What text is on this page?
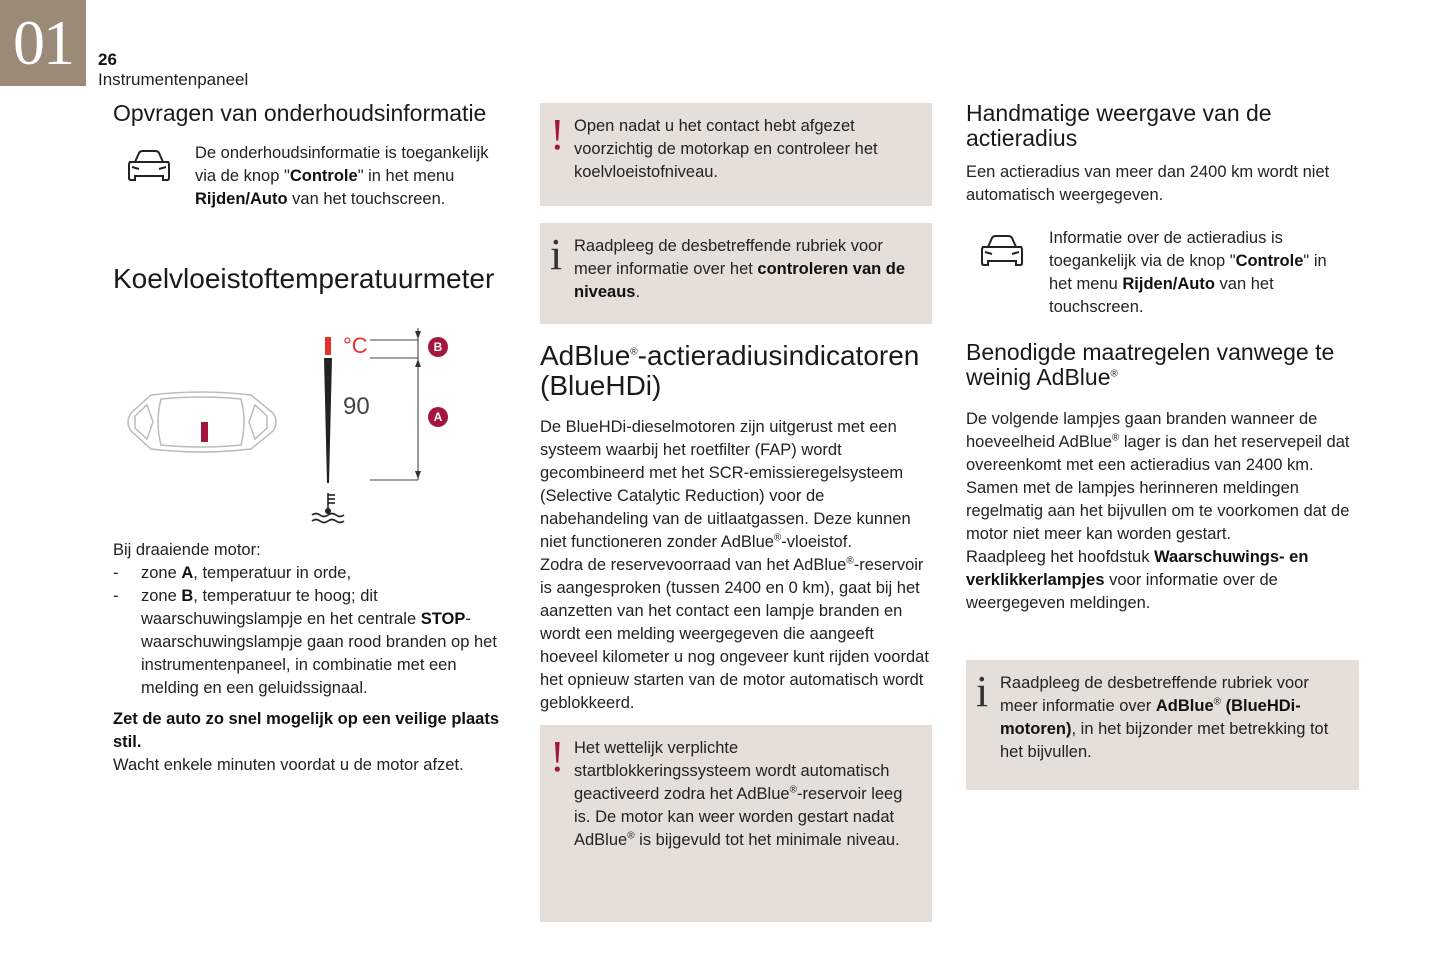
01 26
Instrumentenpaneel
Opvragen van onderhoudsinformatie
De onderhoudsinformatie is toegankelijk via de knop "Controle" in het menu Rijden/Auto van het touchscreen.
Koelvloeistoftemperatuurmeter
°C
90
B
A
Bij draaiende motor:
- zone A, temperatuur in orde,
- zone B, temperatuur te hoog; dit waarschuwingslampje en het centrale STOP-waarschuwingslampje gaan rood branden op het instrumentenpaneel, in combinatie met een melding en een geluidssignaal.
Zet de auto zo snel mogelijk op een veilige plaats stil.
Wacht enkele minuten voordat u de motor afzet.
! Open nadat u het contact hebt afgezet voorzichtig de motorkap en controleer het koelvloeistofniveau.
i Raadpleeg de desbetreffende rubriek voor meer informatie over het controleren van de niveaus.
AdBlue®-actieradiusindicatoren (BlueHDi)
De BlueHDi-dieselmotoren zijn uitgerust met een systeem waarbij het roetfilter (FAP) wordt gecombineerd met het SCR-emissieregelsysteem (Selective Catalytic Reduction) voor de nabehandeling van de uitlaatgassen. Deze kunnen niet functioneren zonder AdBlue®-vloeistof.
Zodra de reservevoorraad van het AdBlue®-reservoir is aangesproken (tussen 2400 en 0 km), gaat bij het aanzetten van het contact een lampje branden en wordt een melding weergegeven die aangeeft hoeveel kilometer u nog ongeveer kunt rijden voordat het opnieuw starten van de motor automatisch wordt geblokkeerd.
! Het wettelijk verplichte startblokkeringssysteem wordt automatisch geactiveerd zodra het AdBlue®-reservoir leeg is. De motor kan weer worden gestart nadat AdBlue® is bijgevuld tot het minimale niveau.
Handmatige weergave van de actieradius
Een actieradius van meer dan 2400 km wordt niet automatisch weergegeven.
Informatie over de actieradius is toegankelijk via de knop "Controle" in het menu Rijden/Auto van het touchscreen.
Benodigde maatregelen vanwege te weinig AdBlue®
De volgende lampjes gaan branden wanneer de hoeveelheid AdBlue® lager is dan het reservepeil dat overeenkomt met een actieradius van 2400 km.
Samen met de lampjes herinneren meldingen regelmatig aan het bijvullen om te voorkomen dat de motor niet meer kan worden gestart.
Raadpleeg het hoofdstuk Waarschuwings- en verklikkerlampjes voor informatie over de weergegeven meldingen.
i Raadpleeg de desbetreffende rubriek voor meer informatie over AdBlue® (BlueHDi-motoren), in het bijzonder met betrekking tot het bijvullen.
